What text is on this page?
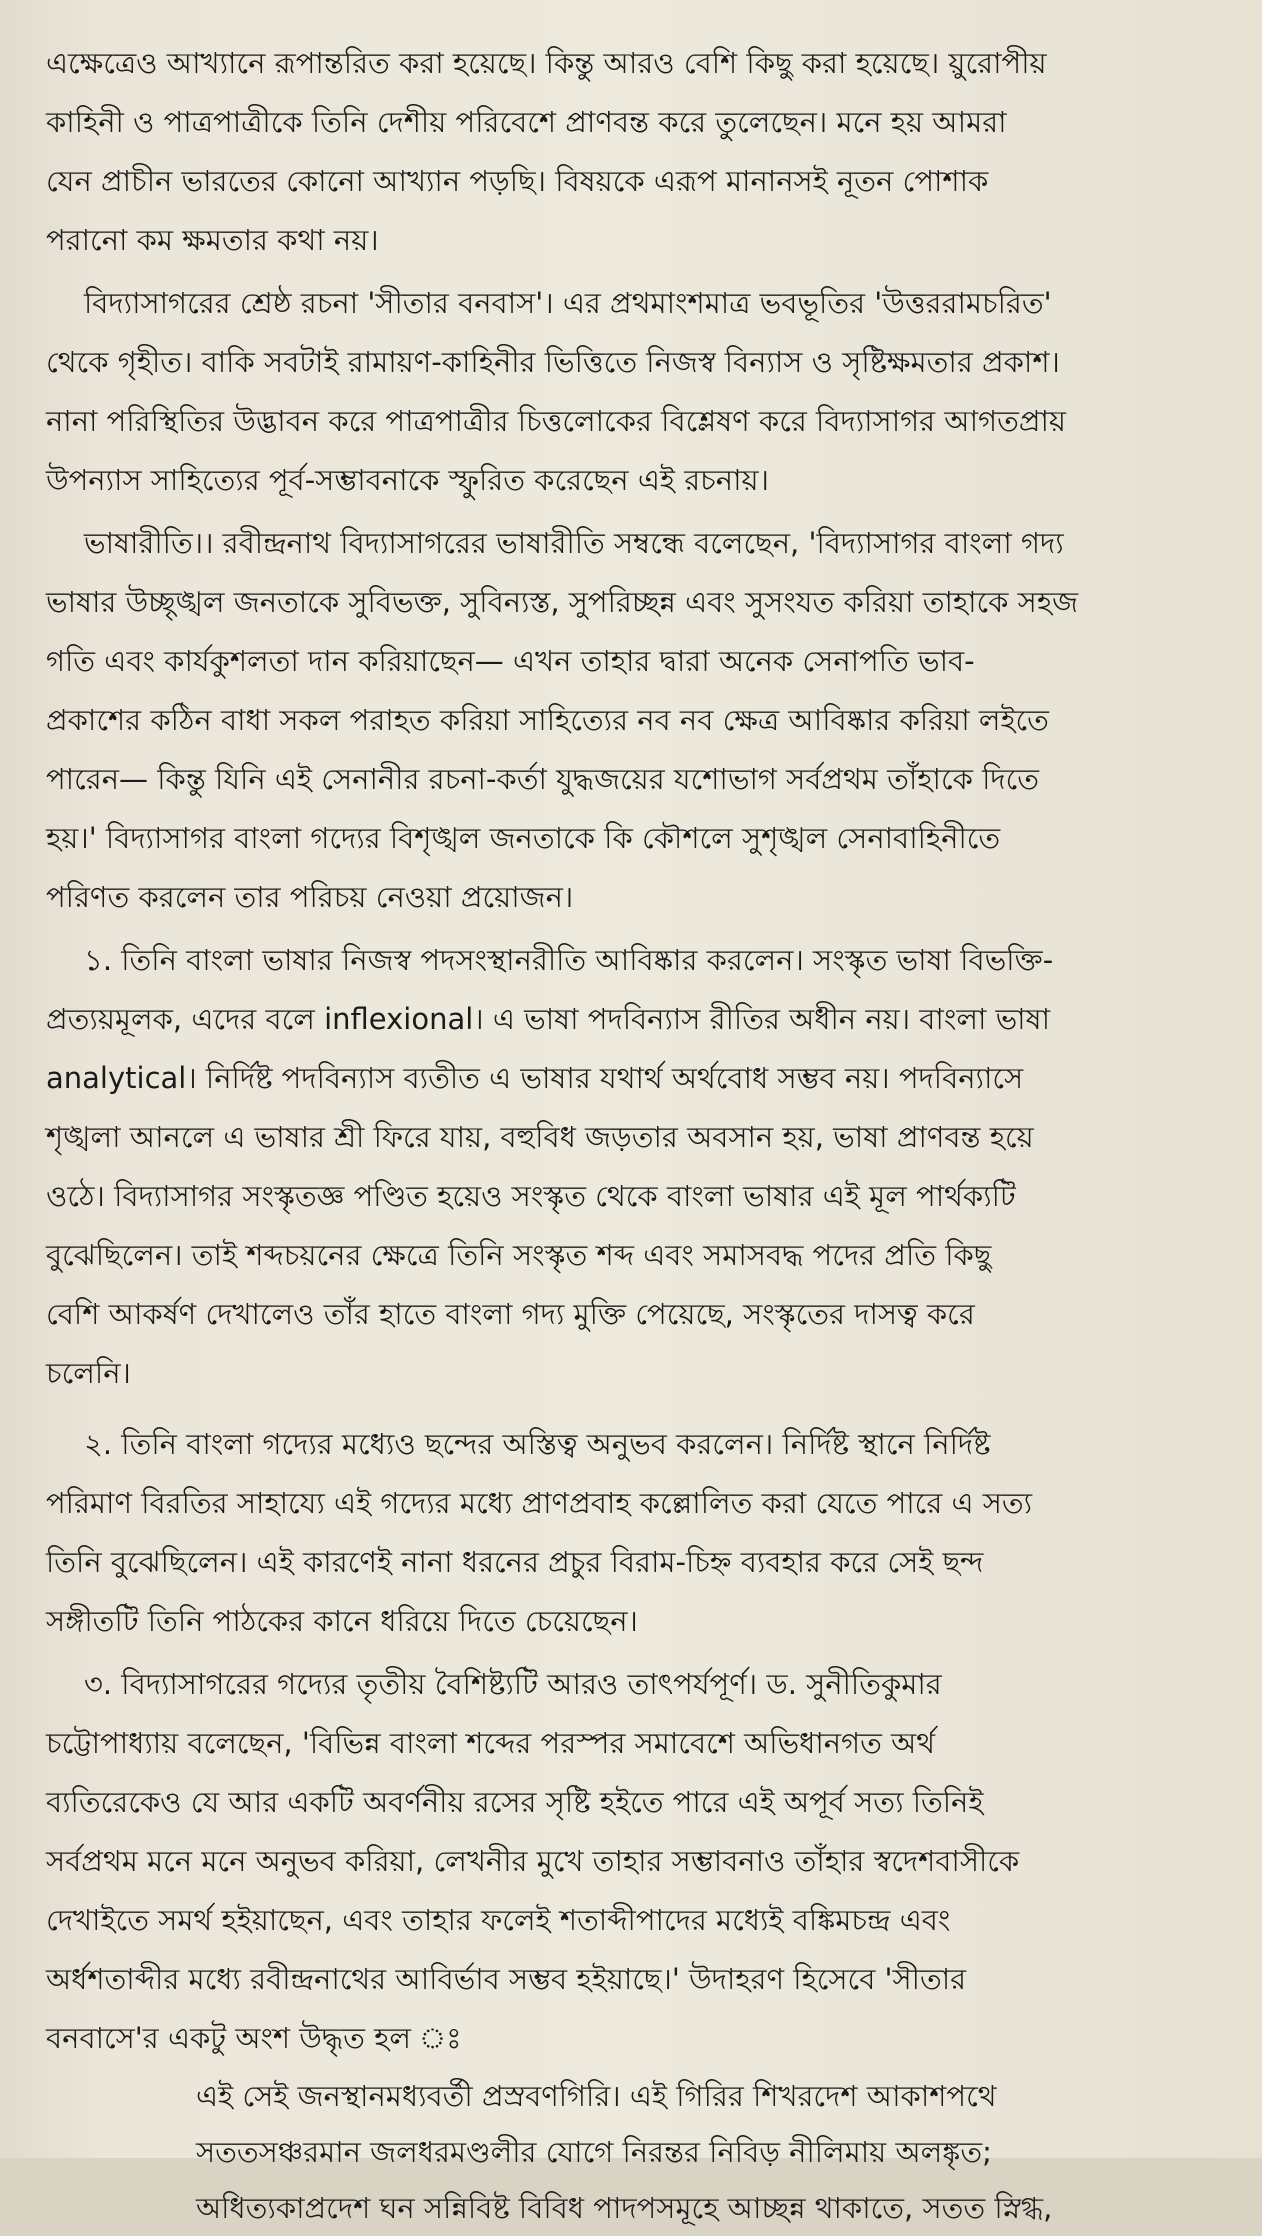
এক্ষেত্রেও আখ্যানে রূপান্তরিত করা হয়েছে। কিন্তু আরও বেশি কিছু করা হয়েছে। য়ুরোপীয়
কাহিনী ও পাত্রপাত্রীকে তিনি দেশীয় পরিবেশে প্রাণবন্ত করে তুলেছেন। মনে হয় আমরা
যেন প্রাচীন ভারতের কোনো আখ্যান পড়ছি। বিষয়কে এরূপ মানানসই নূতন পোশাক
পরানো কম ক্ষমতার কথা নয়।
বিদ্যাসাগরের শ্রেষ্ঠ রচনা 'সীতার বনবাস'। এর প্রথমাংশমাত্র ভবভূতির 'উত্তররামচরিত'
থেকে গৃহীত। বাকি সবটাই রামায়ণ-কাহিনীর ভিত্তিতে নিজস্ব বিন্যাস ও সৃষ্টিক্ষমতার প্রকাশ।
নানা পরিস্থিতির উদ্ভাবন করে পাত্রপাত্রীর চিত্তলোকের বিশ্লেষণ করে বিদ্যাসাগর আগতপ্রায়
উপন্যাস সাহিত্যের পূর্ব-সম্ভাবনাকে স্ফুরিত করেছেন এই রচনায়।
ভাষারীতি।। রবীন্দ্রনাথ বিদ্যাসাগরের ভাষারীতি সম্বন্ধে বলেছেন, 'বিদ্যাসাগর বাংলা গদ্য
ভাষার উচ্ছৃঙ্খল জনতাকে সুবিভক্ত, সুবিন্যস্ত, সুপরিচ্ছন্ন এবং সুসংযত করিয়া তাহাকে সহজ
গতি এবং কার্যকুশলতা দান করিয়াছেন— এখন তাহার দ্বারা অনেক সেনাপতি ভাব-
প্রকাশের কঠিন বাধা সকল পরাহত করিয়া সাহিত্যের নব নব ক্ষেত্র আবিষ্কার করিয়া লইতে
পারেন— কিন্তু যিনি এই সেনানীর রচনা-কর্তা যুদ্ধজয়ের যশোভাগ সর্বপ্রথম তাঁহাকে দিতে
হয়।' বিদ্যাসাগর বাংলা গদ্যের বিশৃঙ্খল জনতাকে কি কৌশলে সুশৃঙ্খল সেনাবাহিনীতে
পরিণত করলেন তার পরিচয় নেওয়া প্রয়োজন।
১. তিনি বাংলা ভাষার নিজস্ব পদসংস্থানরীতি আবিষ্কার করলেন। সংস্কৃত ভাষা বিভক্তি-
প্রত্যয়মূলক, এদের বলে inflexional। এ ভাষা পদবিন্যাস রীতির অধীন নয়। বাংলা ভাষা
analytical। নির্দিষ্ট পদবিন্যাস ব্যতীত এ ভাষার যথার্থ অর্থবোধ সম্ভব নয়। পদবিন্যাসে
শৃঙ্খলা আনলে এ ভাষার শ্রী ফিরে যায়, বহুবিধ জড়তার অবসান হয়, ভাষা প্রাণবন্ত হয়ে
ওঠে। বিদ্যাসাগর সংস্কৃতজ্ঞ পণ্ডিত হয়েও সংস্কৃত থেকে বাংলা ভাষার এই মূল পার্থক্যটি
বুঝেছিলেন। তাই শব্দচয়নের ক্ষেত্রে তিনি সংস্কৃত শব্দ এবং সমাসবদ্ধ পদের প্রতি কিছু
বেশি আকর্ষণ দেখালেও তাঁর হাতে বাংলা গদ্য মুক্তি পেয়েছে, সংস্কৃতের দাসত্ব করে
চলেনি।
২. তিনি বাংলা গদ্যের মধ্যেও ছন্দের অস্তিত্ব অনুভব করলেন। নির্দিষ্ট স্থানে নির্দিষ্ট
পরিমাণ বিরতির সাহায্যে এই গদ্যের মধ্যে প্রাণপ্রবাহ কল্লোলিত করা যেতে পারে এ সত্য
তিনি বুঝেছিলেন। এই কারণেই নানা ধরনের প্রচুর বিরাম-চিহ্ন ব্যবহার করে সেই ছন্দ
সঙ্গীতটি তিনি পাঠকের কানে ধরিয়ে দিতে চেয়েছেন।
৩. বিদ্যাসাগরের গদ্যের তৃতীয় বৈশিষ্ট্যটি আরও তাৎপর্যপূর্ণ। ড. সুনীতিকুমার
চট্টোপাধ্যায় বলেছেন, 'বিভিন্ন বাংলা শব্দের পরস্পর সমাবেশে অভিধানগত অর্থ
ব্যতিরেকেও যে আর একটি অবর্ণনীয় রসের সৃষ্টি হইতে পারে এই অপূর্ব সত্য তিনিই
সর্বপ্রথম মনে মনে অনুভব করিয়া, লেখনীর মুখে তাহার সম্ভাবনাও তাঁহার স্বদেশবাসীকে
দেখাইতে সমর্থ হইয়াছেন, এবং তাহার ফলেই শতাব্দীপাদের মধ্যেই বঙ্কিমচন্দ্র এবং
অর্ধশতাব্দীর মধ্যে রবীন্দ্রনাথের আবির্ভাব সম্ভব হইয়াছে।' উদাহরণ হিসেবে 'সীতার
বনবাসে'র একটু অংশ উদ্ধৃত হল ঃ
এই সেই জনস্থানমধ্যবর্তী প্রস্রবণগিরি। এই গিরির শিখরদেশ আকাশপথে
সততসঞ্চরমান জলধরমণ্ডলীর যোগে নিরন্তর নিবিড় নীলিমায় অলঙ্কৃত;
অধিত্যকাপ্রদেশ ঘন সন্নিবিষ্ট বিবিধ পাদপসমূহে আচ্ছন্ন থাকাতে, সতত স্নিগ্ধ,
